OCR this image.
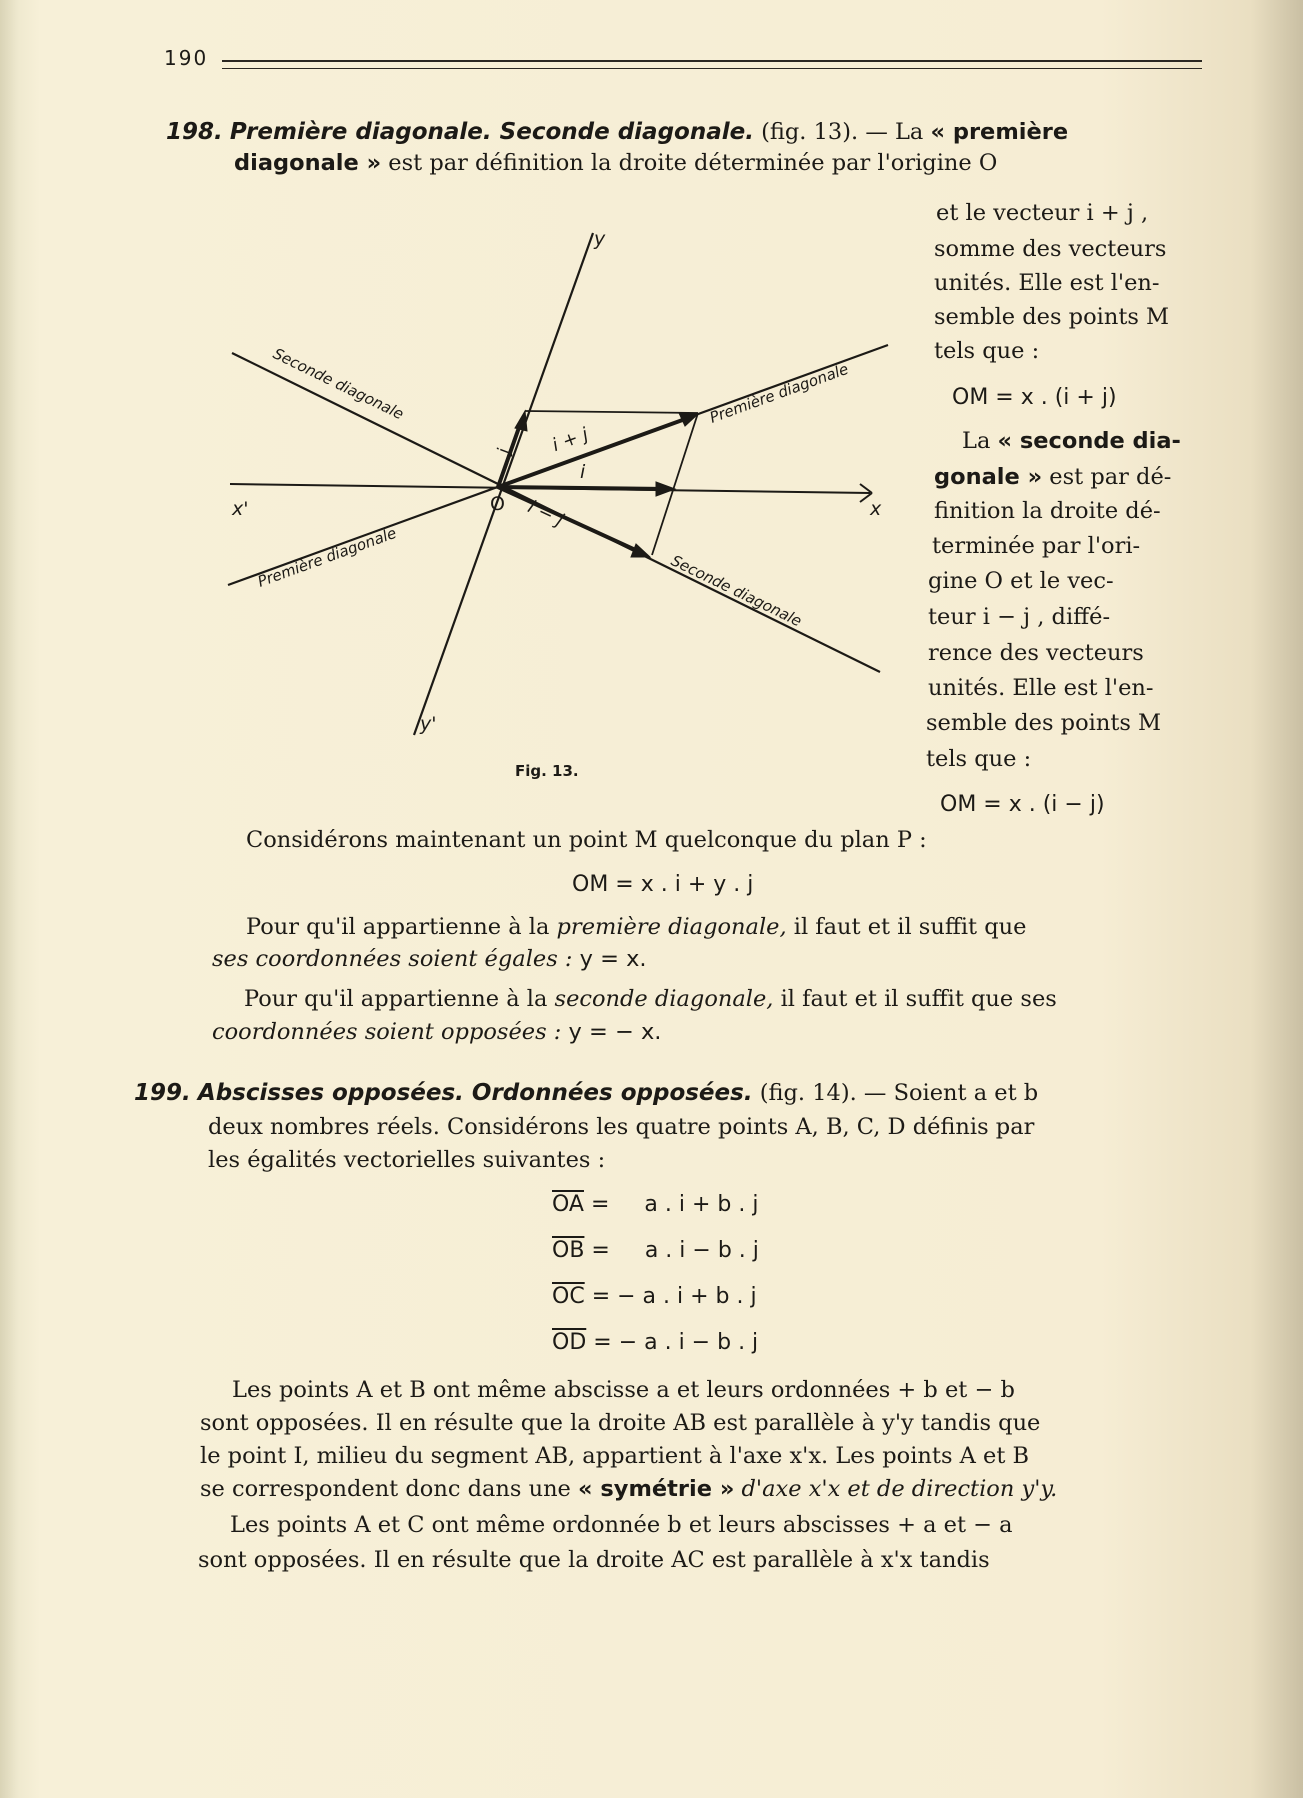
190
198. Première diagonale. Seconde diagonale. (fig. 13). — La « première
diagonale » est par définition la droite déterminée par l'origine O
et le vecteur i + j ,
somme des vecteurs
unités. Elle est l'en-
semble des points M
tels que :
OM = x . (i + j)
La « seconde dia-
gonale » est par dé-
finition la droite dé-
terminée par l'ori-
gine O et le vec-
teur i − j , diffé-
rence des vecteurs
unités. Elle est l'en-
semble des points M
tels que :
OM = x . (i − j)
y
y'
x
x'	O
i
j i + j
i − j
Seconde diagonale
Seconde diagonale
Première diagonale
Première diagonale
Fig. 13.
Considérons maintenant un point M quelconque du plan P :
OM = x . i + y . j
Pour qu'il appartienne à la première diagonale, il faut et il suffit que
ses coordonnées soient égales : y = x.
Pour qu'il appartienne à la seconde diagonale, il faut et il suffit que ses
coordonnées soient opposées : y = − x.
199. Abscisses opposées. Ordonnées opposées. (fig. 14). — Soient a et b
deux nombres réels. Considérons les quatre points A, B, C, D définis par
les égalités vectorielles suivantes :
$\overline{OA}$ =     a . i + b . j
$\overline{OB}$ =     a . i − b . j
$\overline{OC}$ = − a . i + b . j
$\overline{OD}$ = − a . i − b . j
Les points A et B ont même abscisse a et leurs ordonnées + b et − b
sont opposées. Il en résulte que la droite AB est parallèle à y'y tandis que
le point I, milieu du segment AB, appartient à l'axe x'x. Les points A et B
se correspondent donc dans une « symétrie » d'axe x'x et de direction y'y.
Les points A et C ont même ordonnée b et leurs abscisses + a et − a
sont opposées. Il en résulte que la droite AC est parallèle à x'x tandis
